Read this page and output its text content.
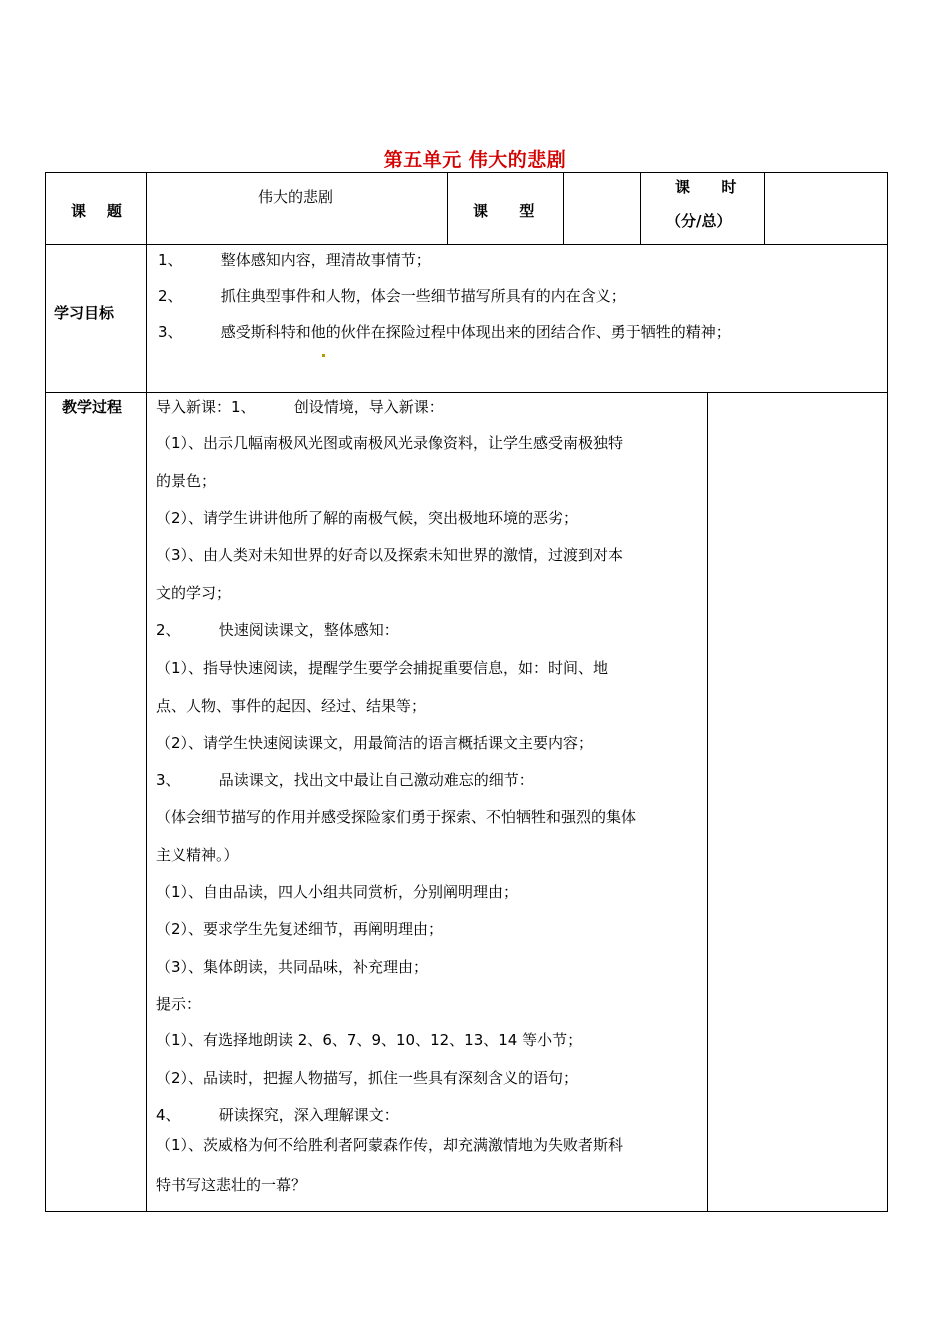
第五单元 伟大的悲剧
课    题
伟大的悲剧
课      型
课      时
（分/总）
学习目标
1、        整体感知内容，理清故事情节；
2、        抓住典型事件和人物，体会一些细节描写所具有的内在含义；
3、        感受斯科特和他的伙伴在探险过程中体现出来的团结合作、勇于牺牲的精神；
教学过程 导入新课：1、        创设情境，导入新课：
（1）、出示几幅南极风光图或南极风光录像资料，让学生感受南极独特
的景色；
（2）、请学生讲讲他所了解的南极气候，突出极地环境的恶劣；
（3）、由人类对未知世界的好奇以及探索未知世界的激情，过渡到对本
文的学习；
2、        快速阅读课文，整体感知：
（1）、指导快速阅读，提醒学生要学会捕捉重要信息，如：时间、地
点、人物、事件的起因、经过、结果等；
（2）、请学生快速阅读课文，用最简洁的语言概括课文主要内容；
3、        品读课文，找出文中最让自己激动难忘的细节：
（体会细节描写的作用并感受探险家们勇于探索、不怕牺牲和强烈的集体
主义精神。）
（1）、自由品读，四人小组共同赏析，分别阐明理由；
（2）、要求学生先复述细节，再阐明理由；
（3）、集体朗读，共同品味，补充理由；
提示：
（1）、有选择地朗读 2、6、7、9、10、12、13、14 等小节；
（2）、品读时，把握人物描写，抓住一些具有深刻含义的语句；
4、        研读探究，深入理解课文：
（1）、茨威格为何不给胜利者阿蒙森作传，却充满激情地为失败者斯科
特书写这悲壮的一幕？
